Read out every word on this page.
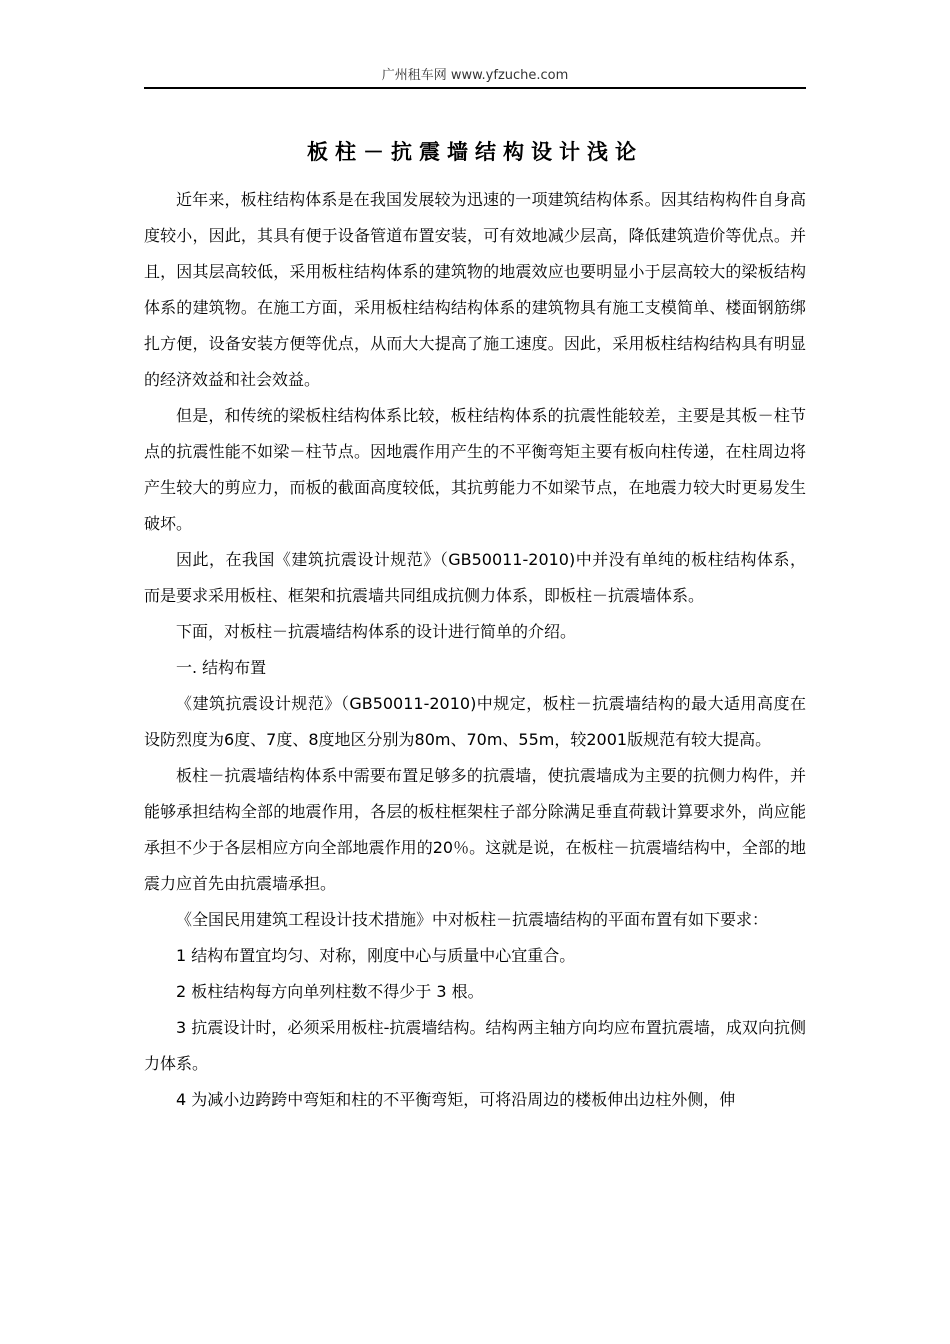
广州租车网 www.yfzuche.com
板柱－抗震墙结构设计浅论

近年来，板柱结构体系是在我国发展较为迅速的一项建筑结构体系。因其结构构件自身高度较小，因此，其具有便于设备管道布置安装，可有效地减少层高，降低建筑造价等优点。并且，因其层高较低，采用板柱结构体系的建筑物的地震效应也要明显小于层高较大的梁板结构体系的建筑物。在施工方面，采用板柱结构结构体系的建筑物具有施工支模简单、楼面钢筋绑扎方便，设备安装方便等优点，从而大大提高了施工速度。因此，采用板柱结构结构具有明显的经济效益和社会效益。

但是，和传统的梁板柱结构体系比较，板柱结构体系的抗震性能较差，主要是其板－柱节点的抗震性能不如梁－柱节点。因地震作用产生的不平衡弯矩主要有板向柱传递，在柱周边将产生较大的剪应力，而板的截面高度较低，其抗剪能力不如梁节点，在地震力较大时更易发生破坏。

因此，在我国《建筑抗震设计规范》（GB50011-2010)中并没有单纯的板柱结构体系，而是要求采用板柱、框架和抗震墙共同组成抗侧力体系，即板柱－抗震墙体系。

下面，对板柱－抗震墙结构体系的设计进行简单的介绍。

一. 结构布置

《建筑抗震设计规范》（GB50011-2010)中规定，板柱－抗震墙结构的最大适用高度在设防烈度为6度、7度、8度地区分别为80m、70m、55m，较2001版规范有较大提高。

板柱－抗震墙结构体系中需要布置足够多的抗震墙，使抗震墙成为主要的抗侧力构件，并能够承担结构全部的地震作用，各层的板柱框架柱子部分除满足垂直荷载计算要求外，尚应能承担不少于各层相应方向全部地震作用的20％。这就是说，在板柱－抗震墙结构中，全部的地震力应首先由抗震墙承担。

《全国民用建筑工程设计技术措施》中对板柱－抗震墙结构的平面布置有如下要求：

1 结构布置宜均匀、对称，刚度中心与质量中心宜重合。

2 板柱结构每方向单列柱数不得少于 3 根。

3 抗震设计时，必须采用板柱-抗震墙结构。结构两主轴方向均应布置抗震墙，成双向抗侧力体系。

4 为减小边跨跨中弯矩和柱的不平衡弯矩，可将沿周边的楼板伸出边柱外侧，伸
